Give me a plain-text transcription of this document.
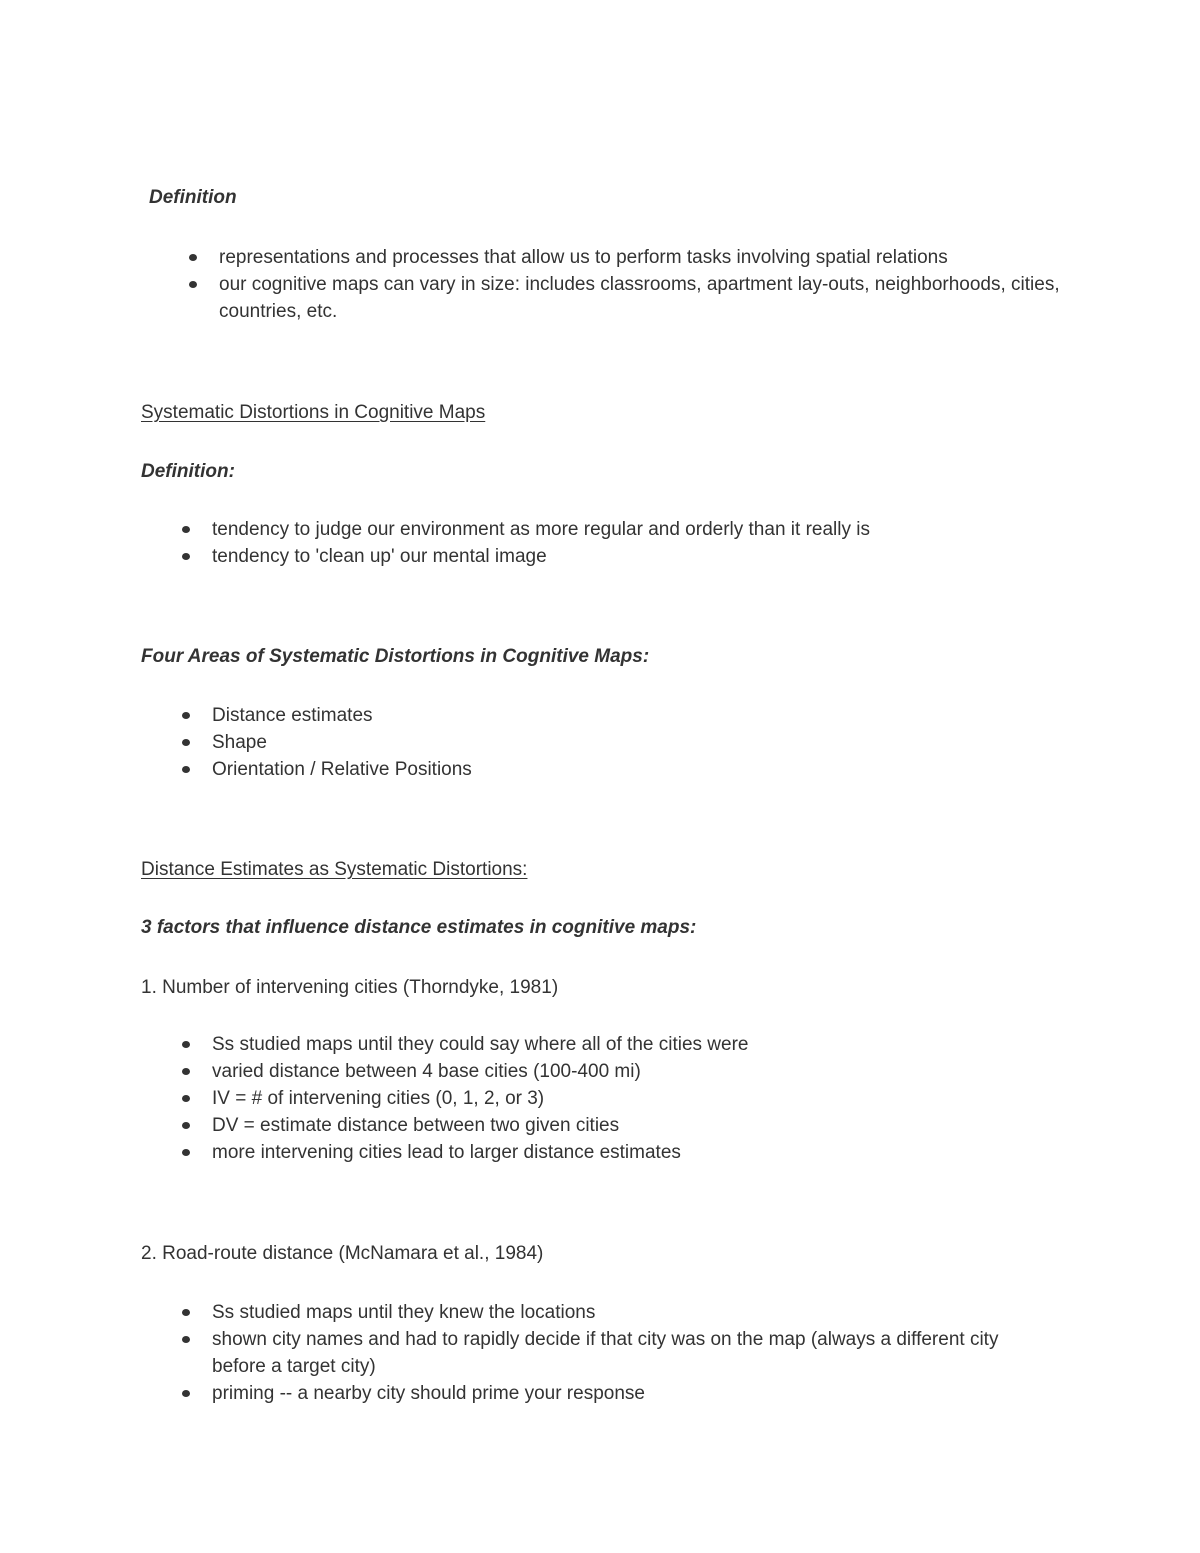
Definition

representations and processes that allow us to perform tasks involving spatial relations
our cognitive maps can vary in size: includes classrooms, apartment lay-outs, neighborhoods, cities, countries, etc.

Systematic Distortions in Cognitive Maps

Definition:

tendency to judge our environment as more regular and orderly than it really is
tendency to 'clean up' our mental image

Four Areas of Systematic Distortions in Cognitive Maps:

Distance estimates
Shape
Orientation / Relative Positions

Distance Estimates as Systematic Distortions:

3 factors that influence distance estimates in cognitive maps:

1. Number of intervening cities (Thorndyke, 1981)

Ss studied maps until they could say where all of the cities were
varied distance between 4 base cities (100-400 mi)
IV = # of intervening cities (0, 1, 2, or 3)
DV = estimate distance between two given cities
more intervening cities lead to larger distance estimates

2. Road-route distance (McNamara et al., 1984)

Ss studied maps until they knew the locations
shown city names and had to rapidly decide if that city was on the map (always a different city before a target city)
priming -- a nearby city should prime your response
